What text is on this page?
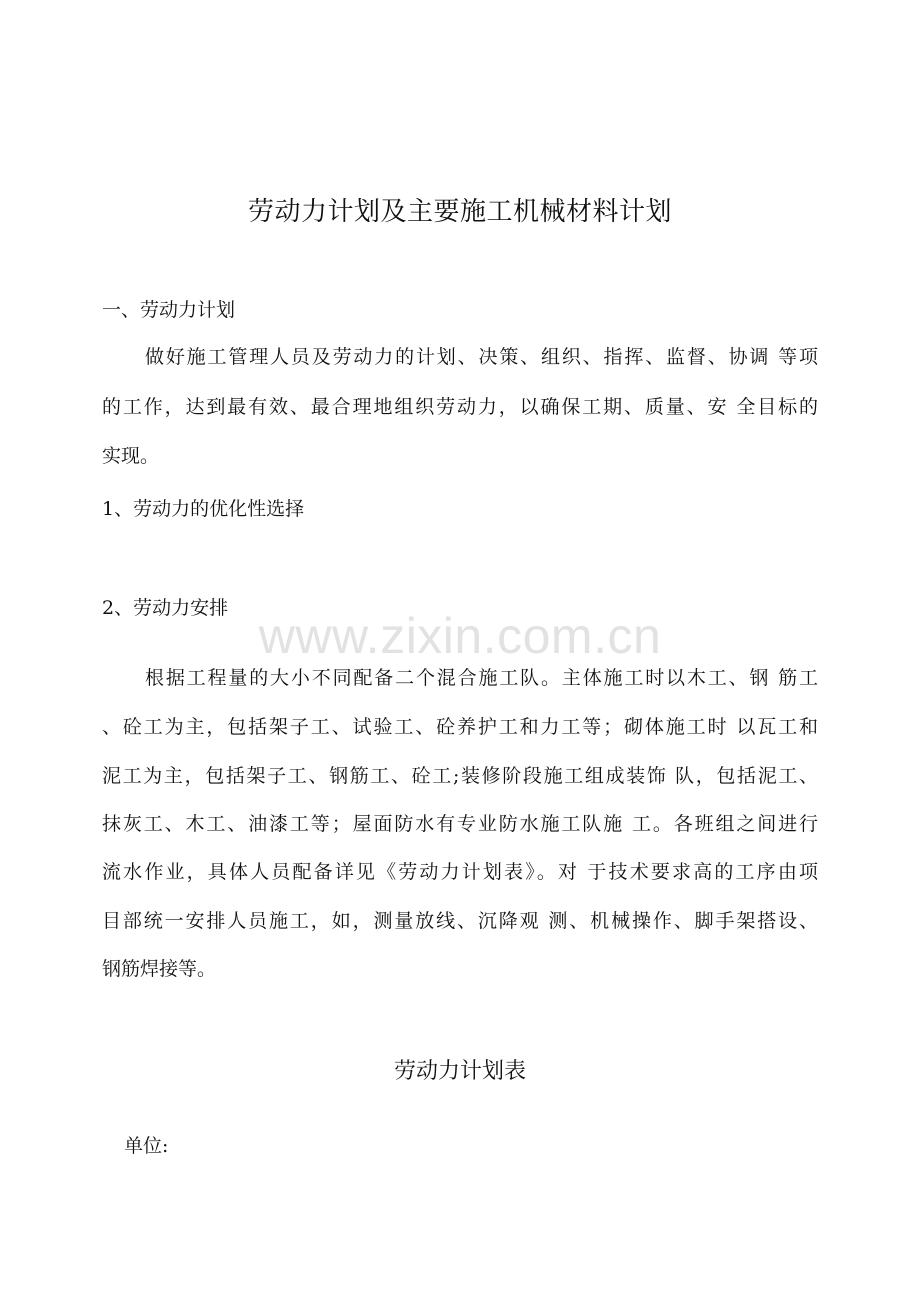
劳动力计划及主要施工机械材料计划
一、劳动力计划
做好施工管理人员及劳动力的计划、决策、组织、指挥、监督、协调 等项
的工作，达到最有效、最合理地组织劳动力，以确保工期、质量、安 全目标的
实现。
1、劳动力的优化性选择
2、劳动力安排 www.zixin.com.cn
根据工程量的大小不同配备二个混合施工队。主体施工时以木工、钢 筋工
、砼工为主，包括架子工、试验工、砼养护工和力工等；砌体施工时 以瓦工和
泥工为主，包括架子工、钢筋工、砼工;装修阶段施工组成装饰 队，包括泥工、
抹灰工、木工、油漆工等；屋面防水有专业防水施工队施 工。各班组之间进行
流水作业，具体人员配备详见《劳动力计划表》。对 于技术要求高的工序由项
目部统一安排人员施工，如，测量放线、沉降观 测、机械操作、脚手架搭设、
钢筋焊接等。
劳动力计划表
单位:
